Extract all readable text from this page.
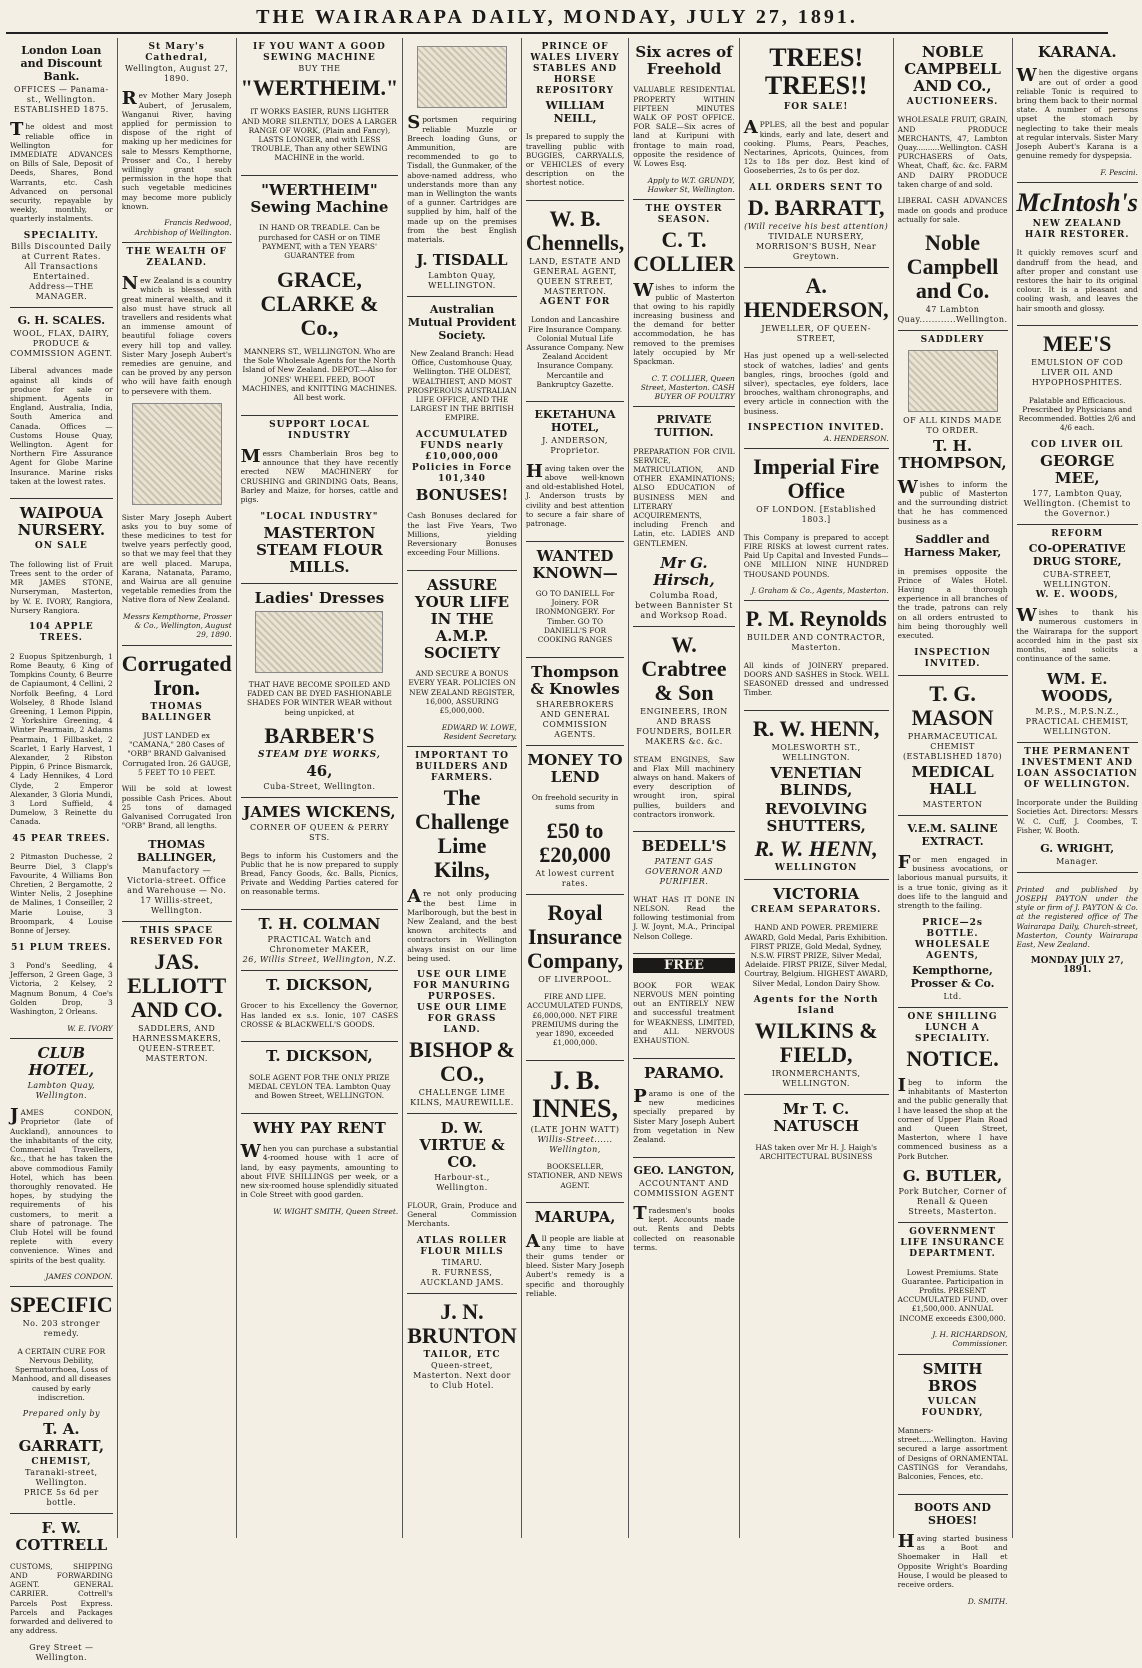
THE WAIRARAPA DAILY, MONDAY, JULY 27, 1891.
London Loan and Discount Bank.
OFFICES — Panama-st., Wellington.
ESTABLISHED 1875.

The oldest and most reliable office in Wellington for IMMEDIATE ADVANCES on Bills of Sale, Deposit of Deeds, Shares, Bond Warrants, etc. Cash Advanced on personal security, repayable by weekly, monthly, or quarterly instalments.

SPECIALITY.
Bills Discounted Daily at Current Rates.
All Transactions Entertained.
Address—THE MANAGER.
G. H. SCALES.
WOOL, FLAX, DAIRY, PRODUCE & COMMISSION AGENT.

Liberal advances made against all kinds of produce for sale or shipment. Agents in England, Australia, India, South America and Canada. Offices — Customs House Quay, Wellington. Agent for Northern Fire Assurance Agent for Globe Marine Insurance. Marine risks taken at the lowest rates.

WAIPOUA NURSERY.
ON SALE

The following list of Fruit Trees sent to the order of MR JAMES STONE, Nurseryman, Masterton, by W. E. IVORY, Rangiora, Nursery Rangiora.

104 APPLE TREES.

2 Euopus Spitzenburgh, 1 Rome Beauty, 6 King of Tompkins County, 6 Beurre de Capiaumont, 4 Cellini, 2 Norfolk Beefing, 4 Lord Wolseley, 8 Rhode Island Greening, 1 Lemon Pippin, 2 Yorkshire Greening, 4 Winter Pearmain, 2 Adams Pearmain, 1 Fillbasket, 2 Scarlet, 1 Early Harvest, 1 Alexander, 2 Ribston Pippin, 6 Prince Bismarck, 4 Lady Hennikes, 4 Lord Clyde, 2 Emperor Alexander, 3 Gloria Mundi, 3 Lord Suffield, 4 Dumelow, 3 Reinette du Canada.

45 PEAR TREES.

2 Pitmaston Duchesse, 2 Beurre Diel, 3 Clapp's Favourite, 4 Williams Bon Chretien, 2 Bergamotte, 2 Winter Nelis, 2 Josephine de Malines, 1 Conseiller, 2 Marie Louise, 3 Broompark, 4 Louise Bonne of Jersey.

51 PLUM TREES.

3 Pond's Seedling, 4 Jefferson, 2 Green Gage, 3 Victoria, 2 Kelsey, 2 Magnum Bonum, 4 Coe's Golden Drop, 3 Washington, 2 Orleans.

W. E. IVORY
CLUB HOTEL,
Lambton Quay, Wellington.

JAMES CONDON, Proprietor (late of Auckland), announces to the inhabitants of the city, Commercial Travellers, &c., that he has taken the above commodious Family Hotel, which has been thoroughly renovated. He hopes, by studying the requirements of his customers, to merit a share of patronage. The Club Hotel will be found replete with every convenience. Wines and spirits of the best quality.

JAMES CONDON.
SPECIFIC
No. 203 stronger remedy.

A CERTAIN CURE FOR Nervous Debility, Spermatorrhoea, Loss of Manhood, and all diseases caused by early indiscretion.

Prepared only by
T. A. GARRATT,
CHEMIST,
Taranaki-street, Wellington.
PRICE 5s 6d per bottle.
F. W. COTTRELL

CUSTOMS, SHIPPING AND FORWARDING AGENT. GENERAL CARRIER. Cottrell's Parcels Post Express. Parcels and Packages forwarded and delivered to any address.

Grey Street — Wellington.
St Mary's Cathedral,
Wellington, August 27, 1890.

Rev Mother Mary Joseph Aubert, of Jerusalem, Wanganui River, having applied for permission to dispose of the right of making up her medicines for sale to Messrs Kempthorne, Prosser and Co., I hereby willingly grant such permission in the hope that such vegetable medicines may become more publicly known.

Francis Redwood, Archbishop of Wellington.
THE WEALTH OF ZEALAND.

New Zealand is a country which is blessed with great mineral wealth, and it also must have struck all travellers and residents what an immense amount of beautiful foliage covers every hill top and valley. Sister Mary Joseph Aubert's remedies are genuine, and can be proved by any person who will have faith enough to persevere with them.

Sister Mary Joseph Aubert asks you to buy some of these medicines to test for twelve years perfectly good, so that we may feel that they are well placed. Marupa, Karana, Natanata, Paramo, and Wairua are all genuine vegetable remedies from the Native flora of New Zealand.

Messrs Kempthorne, Prosser & Co., Wellington, August 29, 1890.
Corrugated Iron.
THOMAS BALLINGER

JUST LANDED ex "CAMANA," 280 Cases of "ORB" BRAND Galvanised Corrugated Iron. 26 GAUGE, 5 FEET TO 10 FEET.

Will be sold at lowest possible Cash Prices. About 25 tons of damaged Galvanised Corrugated Iron "ORB" Brand, all lengths.

THOMAS BALLINGER,
Manufactory — Victoria-street. Office and Warehouse — No. 17 Willis-street, Wellington.
THIS SPACE RESERVED FOR
JAS. ELLIOTT AND CO.
SADDLERS, AND HARNESSMAKERS,
QUEEN-STREET. MASTERTON.
IF YOU WANT A GOOD SEWING MACHINE
BUY THE
"WERTHEIM."

IT WORKS EASIER, RUNS LIGHTER AND MORE SILENTLY, DOES A LARGER RANGE OF WORK, (Plain and Fancy), LASTS LONGER, and with LESS TROUBLE, Than any other SEWING MACHINE in the world.

"WERTHEIM" Sewing Machine

IN HAND OR TREADLE. Can be purchased for CASH or on TIME PAYMENT, with a TEN YEARS' GUARANTEE from

GRACE, CLARKE & Co.,

MANNERS ST., WELLINGTON. Who are the Sole Wholesale Agents for the North Island of New Zealand. DEPOT.—Also for JONES' WHEEL FEED, BOOT MACHINES, and KNITTING MACHINES. All best work.

SUPPORT LOCAL INDUSTRY

Messrs Chamberlain Bros beg to announce that they have recently erected NEW MACHINERY for CRUSHING and GRINDING Oats, Beans, Barley and Maize, for horses, cattle and pigs.

"LOCAL INDUSTRY"
MASTERTON STEAM FLOUR MILLS.
Ladies' Dresses

THAT HAVE BECOME SPOILED AND FADED CAN BE DYED FASHIONABLE SHADES FOR WINTER WEAR without being unpicked, at

BARBER'S
STEAM DYE WORKS,
46,
Cuba-Street, Wellington.
JAMES WICKENS,
CORNER OF QUEEN & PERRY STS.

Begs to inform his Customers and the Public that he is now prepared to supply Bread, Fancy Goods, &c. Balls, Picnics, Private and Wedding Parties catered for on reasonable terms.

T. H. COLMAN
PRACTICAL Watch and Chronometer MAKER,
26, Willis Street, Wellington, N.Z.
T. DICKSON,

Grocer to his Excellency the Governor, Has landed ex s.s. Ionic, 107 CASES CROSSE & BLACKWELL'S GOODS.

T. DICKSON,

SOLE AGENT FOR THE ONLY PRIZE MEDAL CEYLON TEA. Lambton Quay and Bowen Street, WELLINGTON.

WHY PAY RENT

When you can purchase a substantial 4-roomed house with 1 acre of land, by easy payments, amounting to about FIVE SHILLINGS per week, or a new six-roomed house splendidly situated in Cole Street with good garden.

W. WIGHT SMITH, Queen Street.

Sportsmen requiring reliable Muzzle or Breech loading Guns, or Ammunition, are recommended to go to Tisdall, the Gunmaker, of the above-named address, who understands more than any man in Wellington the wants of a gunner. Cartridges are supplied by him, half of the made up on the premises from the best English materials.

J. TISDALL
Lambton Quay, WELLINGTON.
Australian Mutual Provident Society.

New Zealand Branch: Head Office, Customhouse Quay, Wellington. THE OLDEST, WEALTHIEST, AND MOST PROSPEROUS AUSTRALIAN LIFE OFFICE, AND THE LARGEST IN THE BRITISH EMPIRE.

ACCUMULATED FUNDS nearly £10,000,000
Policies in Force 101,340
BONUSES!

Cash Bonuses declared for the last Five Years, Two Millions, yielding Reversionary Bonuses exceeding Four Millions.

ASSURE YOUR LIFE IN THE A.M.P. SOCIETY

AND SECURE A BONUS EVERY YEAR. POLICIES ON NEW ZEALAND REGISTER, 16,000, ASSURING £5,000,000.

EDWARD W. LOWE, Resident Secretary.
IMPORTANT TO BUILDERS AND FARMERS.
The Challenge Lime Kilns,

Are not only producing the best Lime in Marlborough, but the best in New Zealand, and the best known architects and contractors in Wellington always insist on our lime being used.

USE OUR LIME FOR MANURING PURPOSES.
USE OUR LIME FOR GRASS LAND.
BISHOP & CO.,
CHALLENGE LIME KILNS, MAUREWILLE.
D. W. VIRTUE & CO.
Harbour-st., Wellington.

FLOUR, Grain, Produce and General Commission Merchants.

ATLAS ROLLER FLOUR MILLS
TIMARU.
R. FURNESS, AUCKLAND JAMS.
J. N. BRUNTON
TAILOR, ETC
Queen-street, Masterton. Next door to Club Hotel.
PRINCE OF WALES LIVERY STABLES AND HORSE REPOSITORY
WILLIAM NEILL,

Is prepared to supply the travelling public with BUGGIES, CARRYALLS, or VEHICLES of every description on the shortest notice.

W. B. Chennells,
LAND, ESTATE AND GENERAL AGENT, QUEEN STREET, MASTERTON.
AGENT FOR

London and Lancashire Fire Insurance Company. Colonial Mutual Life Assurance Company. New Zealand Accident Insurance Company. Mercantile and Bankruptcy Gazette.

EKETAHUNA HOTEL,
J. ANDERSON, Proprietor.

Having taken over the above well-known and old-established Hotel, J. Anderson trusts by civility and best attention to secure a fair share of patronage.

WANTED KNOWN—

GO TO DANIELL For Joinery. FOR IRONMONGERY. For Timber. GO TO DANIELL'S FOR COOKING RANGES

Thompson & Knowles
SHAREBROKERS AND GENERAL COMMISSION AGENTS.
MONEY TO LEND

On freehold security in sums from

£50 to £20,000
At lowest current rates.
Royal Insurance Company,
OF LIVERPOOL.

FIRE AND LIFE. ACCUMULATED FUNDS, £6,000,000. NET FIRE PREMIUMS during the year 1890, exceeded £1,000,000.

J. B. INNES,
(LATE JOHN WATT)
Willis-Street...... Wellington,

BOOKSELLER, STATIONER, AND NEWS AGENT.

MARUPA,

All people are liable at any time to have their gums tender or bleed. Sister Mary Joseph Aubert's remedy is a specific and thoroughly reliable.

Six acres of Freehold

VALUABLE RESIDENTIAL PROPERTY WITHIN FIFTEEN MINUTES WALK OF POST OFFICE. FOR SALE—Six acres of land at Kuripuni with frontage to main road, opposite the residence of W. Lowes Esq.

Apply to W.T. GRUNDY, Hawker St, Wellington.
THE OYSTER SEASON.
C. T. COLLIER

Wishes to inform the public of Masterton that owing to his rapidly increasing business and the demand for better accommodation, he has removed to the premises lately occupied by Mr Spackman.

C. T. COLLIER, Queen Street, Masterton. CASH BUYER OF POULTRY
PRIVATE TUITION.

PREPARATION FOR CIVIL SERVICE, MATRICULATION, AND OTHER EXAMINATIONS; ALSO EDUCATION of BUSINESS MEN and LITERARY ACQUIREMENTS, including French and Latin, etc. LADIES AND GENTLEMEN.

Mr G. Hirsch,
Columba Road, between Bannister St and Worksop Road.
W. Crabtree & Son
ENGINEERS, IRON AND BRASS FOUNDERS, BOILER MAKERS &c. &c.

STEAM ENGINES, Saw and Flax Mill machinery always on hand. Makers of every description of wrought iron, spiral pullies, builders and contractors ironwork.

BEDELL'S
PATENT GAS GOVERNOR AND PURIFIER.

WHAT HAS IT DONE IN NELSON. Read the following testimonial from J. W. Joynt, M.A., Principal Nelson College.

FREE

BOOK FOR WEAK NERVOUS MEN pointing out an ENTIRELY NEW and successful treatment for WEAKNESS, LIMITED, and ALL NERVOUS EXHAUSTION.

PARAMO.

Paramo is one of the new medicines specially prepared by Sister Mary Joseph Aubert from vegetation in New Zealand.

GEO. LANGTON,
ACCOUNTANT AND COMMISSION AGENT

Tradesmen's books kept. Accounts made out. Rents and Debts collected on reasonable terms.

TREES! TREES!!
FOR SALE!

APPLES, all the best and popular kinds, early and late, desert and cooking. Plums, Pears, Peaches, Nectarines, Apricots, Quinces, from 12s to 18s per doz. Best kind of Gooseberries, 2s to 6s per doz.

ALL ORDERS SENT TO
D. BARRATT,
(Will receive his best attention)
TIVIDALE NURSERY, MORRISON'S BUSH, Near Greytown.
A. HENDERSON,
JEWELLER, OF QUEEN-STREET,

Has just opened up a well-selected stock of watches, ladies' and gents bangles, rings, brooches (gold and silver), spectacles, eye folders, lace brooches, waltham chronographs, and every article in connection with the business.

INSPECTION INVITED.
A. HENDERSON.
Imperial Fire Office
OF LONDON. [Established 1803.]

This Company is prepared to accept FIRE RISKS at lowest current rates. Paid Up Capital and Invested Funds— ONE MILLION NINE HUNDRED THOUSAND POUNDS.

J. Graham & Co., Agents, Masterton.
P. M. Reynolds
BUILDER AND CONTRACTOR, Masterton.

All kinds of JOINERY prepared. DOORS AND SASHES in Stock. WELL SEASONED dressed and undressed Timber.

R. W. HENN,
MOLESWORTH ST., WELLINGTON.
VENETIAN BLINDS,
REVOLVING SHUTTERS,
R. W. HENN,
WELLINGTON
VICTORIA
CREAM SEPARATORS.

HAND AND POWER. PREMIERE AWARD, Gold Medal, Paris Exhibition. FIRST PRIZE, Gold Medal, Sydney, N.S.W. FIRST PRIZE, Silver Medal, Adelaide. FIRST PRIZE, Silver Medal, Courtray, Belgium. HIGHEST AWARD, Silver Medal, London Dairy Show.

Agents for the North Island
WILKINS & FIELD,
IRONMERCHANTS, WELLINGTON.
Mr T. C. NATUSCH

HAS taken over Mr H. J. Haigh's ARCHITECTURAL BUSINESS

NOBLE CAMPBELL AND CO.,
AUCTIONEERS.

WHOLESALE FRUIT, GRAIN, AND PRODUCE MERCHANTS, 47, Lambton Quay..........Wellington. CASH PURCHASERS of Oats, Wheat, Chaff, &c. &c. FARM AND DAIRY PRODUCE taken charge of and sold.

LIBERAL CASH ADVANCES made on goods and produce actually for sale.

Noble Campbell and Co.
47 Lambton Quay............Wellington.
SADDLERY
OF ALL KINDS MADE TO ORDER.
T. H. THOMPSON,

Wishes to inform the public of Masterton and the surrounding district that he has commenced business as a

Saddler and Harness Maker,

in premises opposite the Prince of Wales Hotel. Having a thorough experience in all branches of the trade, patrons can rely on all orders entrusted to him being thoroughly well executed.

INSPECTION INVITED.
T. G. MASON
PHARMACEUTICAL CHEMIST (ESTABLISHED 1870)
MEDICAL HALL
MASTERTON
V.E.M. SALINE EXTRACT.

For men engaged in business avocations, or laborious manual pursuits, it is a true tonic, giving as it does life to the languid and strength to the failing.

PRICE—2s BOTTLE.
WHOLESALE AGENTS,
Kempthorne, Prosser & Co.
Ltd.
ONE SHILLING LUNCH A SPECIALITY.
NOTICE.

Ibeg to inform the inhabitants of Masterton and the public generally that I have leased the shop at the corner of Upper Plain Road and Queen Street, Masterton, where I have commenced business as a Pork Butcher.

G. BUTLER,
Pork Butcher, Corner of Renall & Queen Streets, Masterton.
GOVERNMENT LIFE INSURANCE DEPARTMENT.

Lowest Premiums. State Guarantee. Participation in Profits. PRESENT ACCUMULATED FUND, over £1,500,000. ANNUAL INCOME exceeds £300,000.

J. H. RICHARDSON, Commissioner.
SMITH BROS
VULCAN FOUNDRY,

Manners-street......Wellington. Having secured a large assortment of Designs of ORNAMENTAL CASTINGS for Verandahs, Balconies, Fences, etc.

BOOTS AND SHOES!

Having started business as a Boot and Shoemaker in Hall et Opposite Wright's Boarding House, I would be pleased to receive orders.

D. SMITH.
KARANA.

When the digestive organs are out of order a good reliable Tonic is required to bring them back to their normal state. A number of persons upset the stomach by neglecting to take their meals at regular intervals. Sister Mary Joseph Aubert's Karana is a genuine remedy for dyspepsia.

F. Pescini.
McIntosh's
NEW ZEALAND HAIR RESTORER.

It quickly removes scurf and dandruff from the head, and after proper and constant use restores the hair to its original colour. It is a pleasant and cooling wash, and leaves the hair smooth and glossy.

MEE'S
EMULSION OF COD LIVER OIL AND HYPOPHOSPHITES.

Palatable and Efficacious. Prescribed by Physicians and Recommended. Bottles 2/6 and 4/6 each.

COD LIVER OIL
GEORGE MEE,
177, Lambton Quay, Wellington. (Chemist to the Governor.)
REFORM
CO-OPERATIVE DRUG STORE,
CUBA-STREET, WELLINGTON.
W. E. WOODS,

Wishes to thank his numerous customers in the Wairarapa for the support accorded him in the past six months, and solicits a continuance of the same.

WM. E. WOODS,
M.P.S., M.P.S.N.Z., PRACTICAL CHEMIST, WELLINGTON.
THE PERMANENT INVESTMENT AND LOAN ASSOCIATION OF WELLINGTON.

Incorporate under the Building Societies Act. Directors: Messrs W. C. Cuff, J. Coombes, T. Fisher, W. Booth.

G. WRIGHT,
Manager.

Printed and published by JOSEPH PAYTON under the style or firm of J. PAYTON & Co. at the registered office of The Wairarapa Daily, Church-street, Masterton, County Wairarapa East, New Zealand.

MONDAY JULY 27, 1891.
